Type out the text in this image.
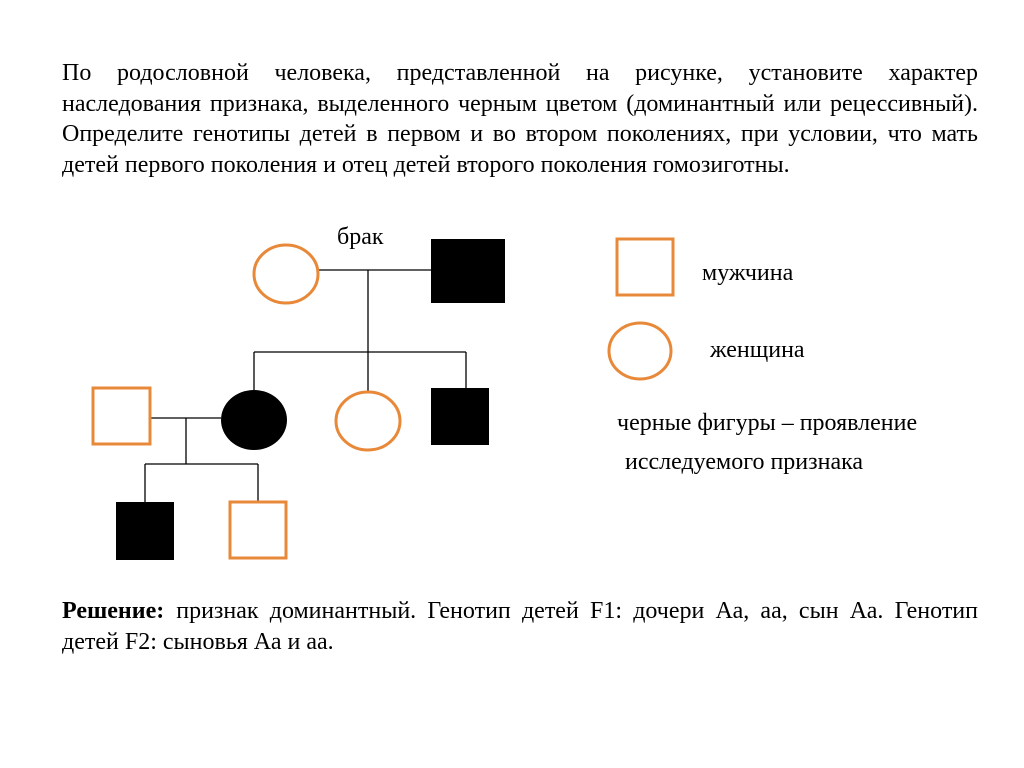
По родословной человека, представленной на рисунке, установите характер наследования признака, выделенного черным цветом (доминантный или рецессивный). Определите генотипы детей в первом и во втором поколениях, при условии, что мать детей первого поколения и отец детей второго поколения гомозиготны.

брак
мужчина
женщина
черные фигуры – проявление
исследуемого признака

Решение: признак доминантный. Генотип детей F1: дочери Аа, аа, сын Аа. Генотип детей F2: сыновья Аа и аа.
